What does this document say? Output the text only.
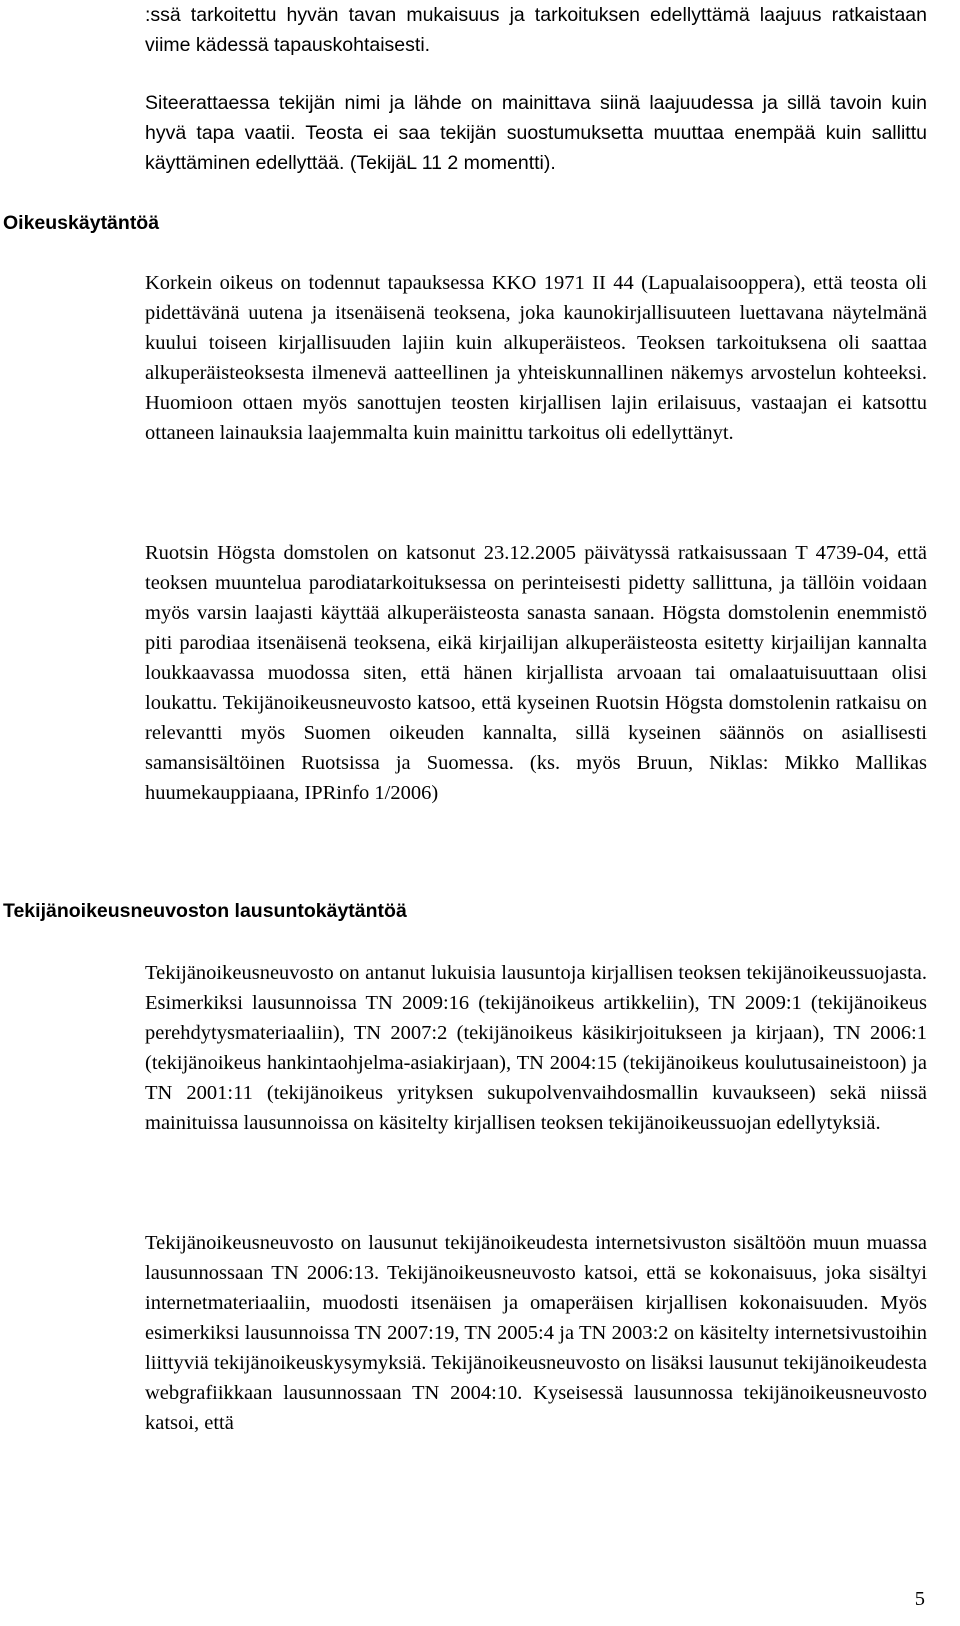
:ssä tarkoitettu hyvän tavan mukaisuus ja tarkoituksen edellyttämä laajuus ratkaistaan viime kädessä tapauskohtaisesti.

Siteerattaessa tekijän nimi ja lähde on mainittava siinä laajuudessa ja sillä tavoin kuin hyvä tapa vaatii. Teosta ei saa tekijän suostumuksetta muuttaa enempää kuin sallittu käyttäminen edellyttää. (TekijäL 11 2 momentti).

Oikeuskäytäntöä

Korkein oikeus on todennut tapauksessa KKO 1971 II 44 (Lapualaisooppera), että teosta oli pidettävänä uutena ja itsenäisenä teoksena, joka kaunokirjallisuuteen luettavana näytelmänä kuului toiseen kirjallisuuden lajiin kuin alkuperäisteos. Teoksen tarkoituksena oli saattaa alkuperäisteoksesta ilmenevä aatteellinen ja yhteiskunnallinen näkemys arvostelun kohteeksi. Huomioon ottaen myös sanottujen teosten kirjallisen lajin erilaisuus, vastaajan ei katsottu ottaneen lainauksia laajemmalta kuin mainittu tarkoitus oli edellyttänyt.

Ruotsin Högsta domstolen on katsonut 23.12.2005 päivätyssä ratkaisussaan T 4739-04, että teoksen muuntelua parodiatarkoituksessa on perinteisesti pidetty sallittuna, ja tällöin voidaan myös varsin laajasti käyttää alkuperäisteosta sanasta sanaan. Högsta domstolenin enemmistö piti parodiaa itsenäisenä teoksena, eikä kirjailijan alkuperäisteosta esitetty kirjailijan kannalta loukkaavassa muodossa siten, että hänen kirjallista arvoaan tai omalaatuisuuttaan olisi loukattu. Tekijänoikeusneuvosto katsoo, että kyseinen Ruotsin Högsta domstolenin ratkaisu on relevantti myös Suomen oikeuden kannalta, sillä kyseinen säännös on asiallisesti samansisältöinen Ruotsissa ja Suomessa. (ks. myös Bruun, Niklas: Mikko Mallikas huumekauppiaana, IPRinfo 1/2006)

Tekijänoikeusneuvoston lausuntokäytäntöä

Tekijänoikeusneuvosto on antanut lukuisia lausuntoja kirjallisen teoksen tekijänoikeussuojasta. Esimerkiksi lausunnoissa TN 2009:16 (tekijänoikeus artikkeliin), TN 2009:1 (tekijänoikeus perehdytysmateriaaliin), TN 2007:2 (tekijänoikeus käsikirjoitukseen ja kirjaan), TN 2006:1 (tekijänoikeus hankintaohjelma-asiakirjaan), TN 2004:15 (tekijänoikeus koulutusaineistoon) ja TN 2001:11 (tekijänoikeus yrityksen sukupolvenvaihdosmallin kuvaukseen) sekä niissä mainituissa lausunnoissa on käsitelty kirjallisen teoksen tekijänoikeussuojan edellytyksiä.

Tekijänoikeusneuvosto on lausunut tekijänoikeudesta internetsivuston sisältöön muun muassa lausunnossaan TN 2006:13. Tekijänoikeusneuvosto katsoi, että se kokonaisuus, joka sisältyi internetmateriaaliin, muodosti itsenäisen ja omaperäisen kirjallisen kokonaisuuden. Myös esimerkiksi lausunnoissa TN 2007:19, TN 2005:4 ja TN 2003:2 on käsitelty internetsivustoihin liittyviä tekijänoikeuskysymyksiä. Tekijänoikeusneuvosto on lisäksi lausunut tekijänoikeudesta webgrafiikkaan lausunnossaan TN 2004:10. Kyseisessä lausunnossa tekijänoikeusneuvosto katsoi, että

5
